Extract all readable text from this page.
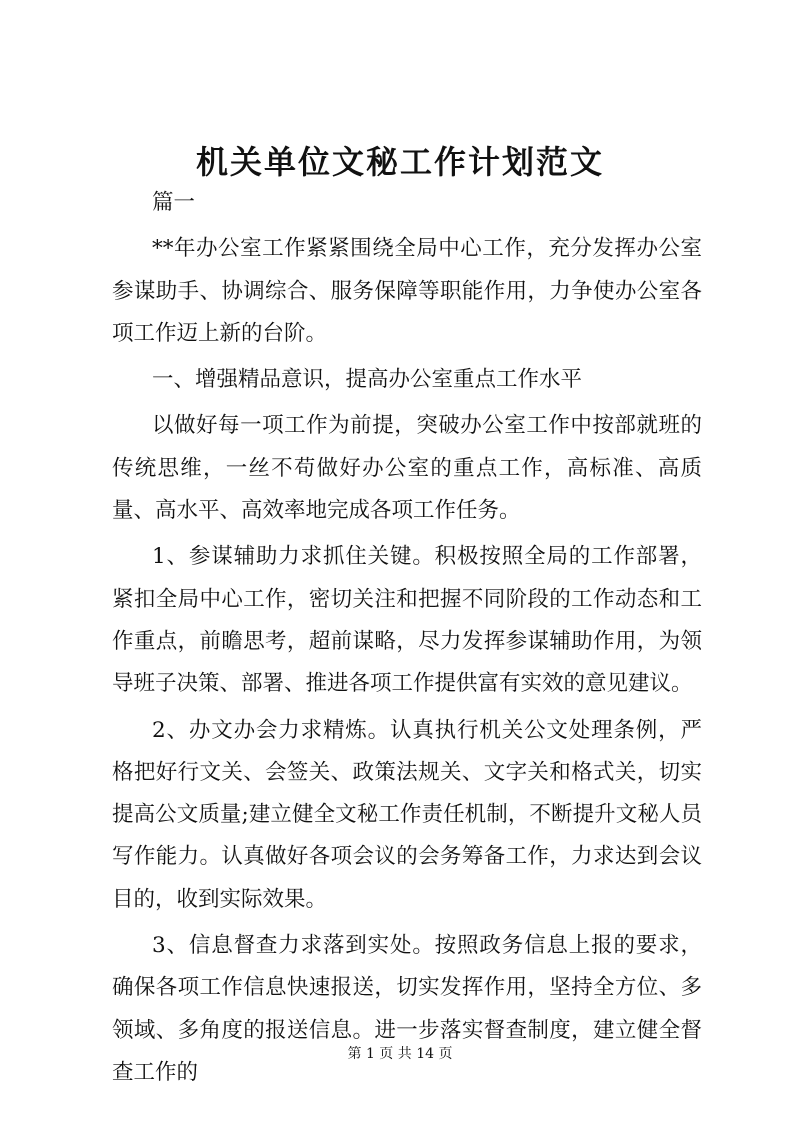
机关单位文秘工作计划范文

篇一

**年办公室工作紧紧围绕全局中心工作，充分发挥办公室参谋助手、协调综合、服务保障等职能作用，力争使办公室各项工作迈上新的台阶。

一、增强精品意识，提高办公室重点工作水平

以做好每一项工作为前提，突破办公室工作中按部就班的传统思维，一丝不苟做好办公室的重点工作，高标准、高质量、高水平、高效率地完成各项工作任务。

1、参谋辅助力求抓住关键。积极按照全局的工作部署，紧扣全局中心工作，密切关注和把握不同阶段的工作动态和工作重点，前瞻思考，超前谋略，尽力发挥参谋辅助作用，为领导班子决策、部署、推进各项工作提供富有实效的意见建议。

2、办文办会力求精炼。认真执行机关公文处理条例，严格把好行文关、会签关、政策法规关、文字关和格式关，切实提高公文质量;建立健全文秘工作责任机制，不断提升文秘人员写作能力。认真做好各项会议的会务筹备工作，力求达到会议目的，收到实际效果。

3、信息督查力求落到实处。按照政务信息上报的要求，确保各项工作信息快速报送，切实发挥作用，坚持全方位、多领域、多角度的报送信息。进一步落实督查制度，建立健全督查工作的

第 1 页 共 14 页
